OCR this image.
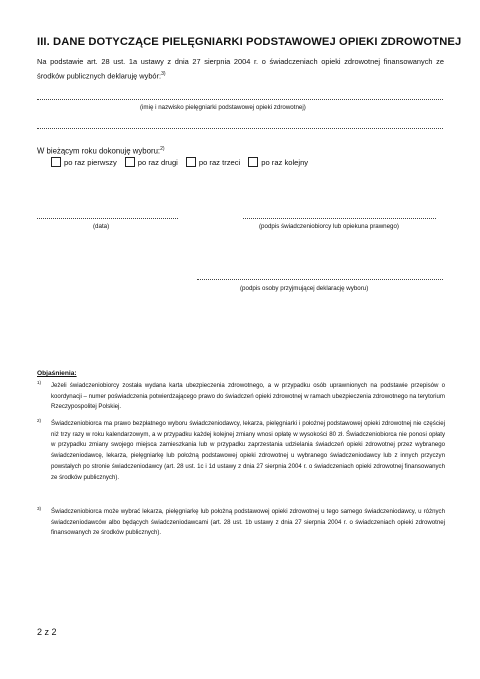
III. DANE DOTYCZĄCE PIELĘGNIARKI PODSTAWOWEJ OPIEKI ZDROWOTNEJ
Na podstawie art. 28 ust. 1a ustawy z dnia 27 sierpnia 2004 r. o świadczeniach opieki zdrowotnej finansowanych ze środków publicznych deklaruję wybór:$^{3)}$
(imię i nazwisko pielęgniarki podstawowej opieki zdrowotnej)
W bieżącym roku dokonuję wyboru:$^{2)}$
po raz pierwszy	po raz drugi	po raz trzeci	po raz kolejny
(data)	(podpis świadczeniobiorcy lub opiekuna prawnego)
(podpis osoby przyjmującej deklarację wyboru)
Objaśnienia:
1) Jeżeli świadczeniobiorcy została wydana karta ubezpieczenia zdrowotnego, a w przypadku osób uprawnionych na podstawie przepisów o koordynacji – numer poświadczenia potwierdzającego prawo do świadczeń opieki zdrowotnej w ramach ubezpieczenia zdrowotnego na terytorium Rzeczypospolitej Polskiej.
2) Świadczeniobiorca ma prawo bezpłatnego wyboru świadczeniodawcy, lekarza, pielęgniarki i położnej podstawowej opieki zdrowotnej nie częściej niż trzy razy w roku kalendarzowym, a w przypadku każdej kolejnej zmiany wnosi opłatę w wysokości 80 zł. Świadczeniobiorca nie ponosi opłaty w przypadku zmiany swojego miejsca zamieszkania lub w przypadku zaprzestania udzielania świadczeń opieki zdrowotnej przez wybranego świadczeniodawcę, lekarza, pielęgniarkę lub położną podstawowej opieki zdrowotnej u wybranego świadczeniodawcy lub z innych przyczyn powstałych po stronie świadczeniodawcy (art. 28 ust. 1c i 1d ustawy z dnia 27 sierpnia 2004 r. o świadczeniach opieki zdrowotnej finansowanych ze środków publicznych).
3) Świadczeniobiorca może wybrać lekarza, pielęgniarkę lub położną podstawowej opieki zdrowotnej u tego samego świadczeniodawcy, u różnych świadczeniodawców albo będących świadczeniodawcami (art. 28 ust. 1b ustawy z dnia 27 sierpnia 2004 r. o świadczeniach opieki zdrowotnej finansowanych ze środków publicznych).
2 z 2
